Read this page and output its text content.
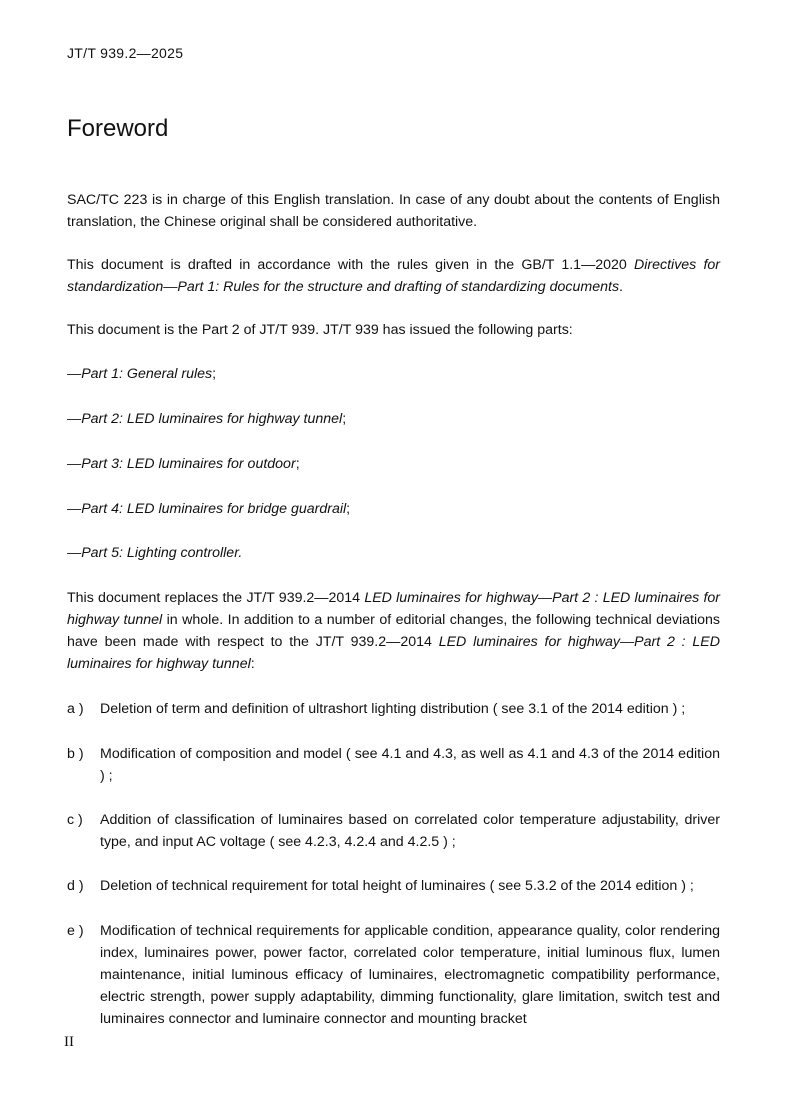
JT/T 939.2—2025
Foreword
SAC/TC 223 is in charge of this English translation. In case of any doubt about the contents of English translation, the Chinese original shall be considered authoritative.
This document is drafted in accordance with the rules given in the GB/T 1.1—2020 Directives for standardization—Part 1: Rules for the structure and drafting of standardizing documents.
This document is the Part 2 of JT/T 939. JT/T 939 has issued the following parts:
—Part 1: General rules;
—Part 2: LED luminaires for highway tunnel;
—Part 3: LED luminaires for outdoor;
—Part 4: LED luminaires for bridge guardrail;
—Part 5: Lighting controller.
This document replaces the JT/T 939.2—2014 LED luminaires for highway—Part 2 : LED luminaires for highway tunnel in whole. In addition to a number of editorial changes, the following technical deviations have been made with respect to the JT/T 939.2—2014 LED luminaires for highway—Part 2 : LED luminaires for highway tunnel:
a ) Deletion of term and definition of ultrashort lighting distribution ( see 3.1 of the 2014 edition ) ;
b ) Modification of composition and model ( see 4.1 and 4.3, as well as 4.1 and 4.3 of the 2014 edition ) ;
c ) Addition of classification of luminaires based on correlated color temperature adjustability, driver type, and input AC voltage ( see 4.2.3, 4.2.4 and 4.2.5 ) ;
d ) Deletion of technical requirement for total height of luminaires ( see 5.3.2 of the 2014 edition ) ;
e ) Modification of technical requirements for applicable condition, appearance quality, color rendering index, luminaires power, power factor, correlated color temperature, initial luminous flux, lumen maintenance, initial luminous efficacy of luminaires, electromagnetic compatibility performance, electric strength, power supply adaptability, dimming functionality, glare limitation, switch test and luminaires connector and luminaire connector and mounting bracket
II
